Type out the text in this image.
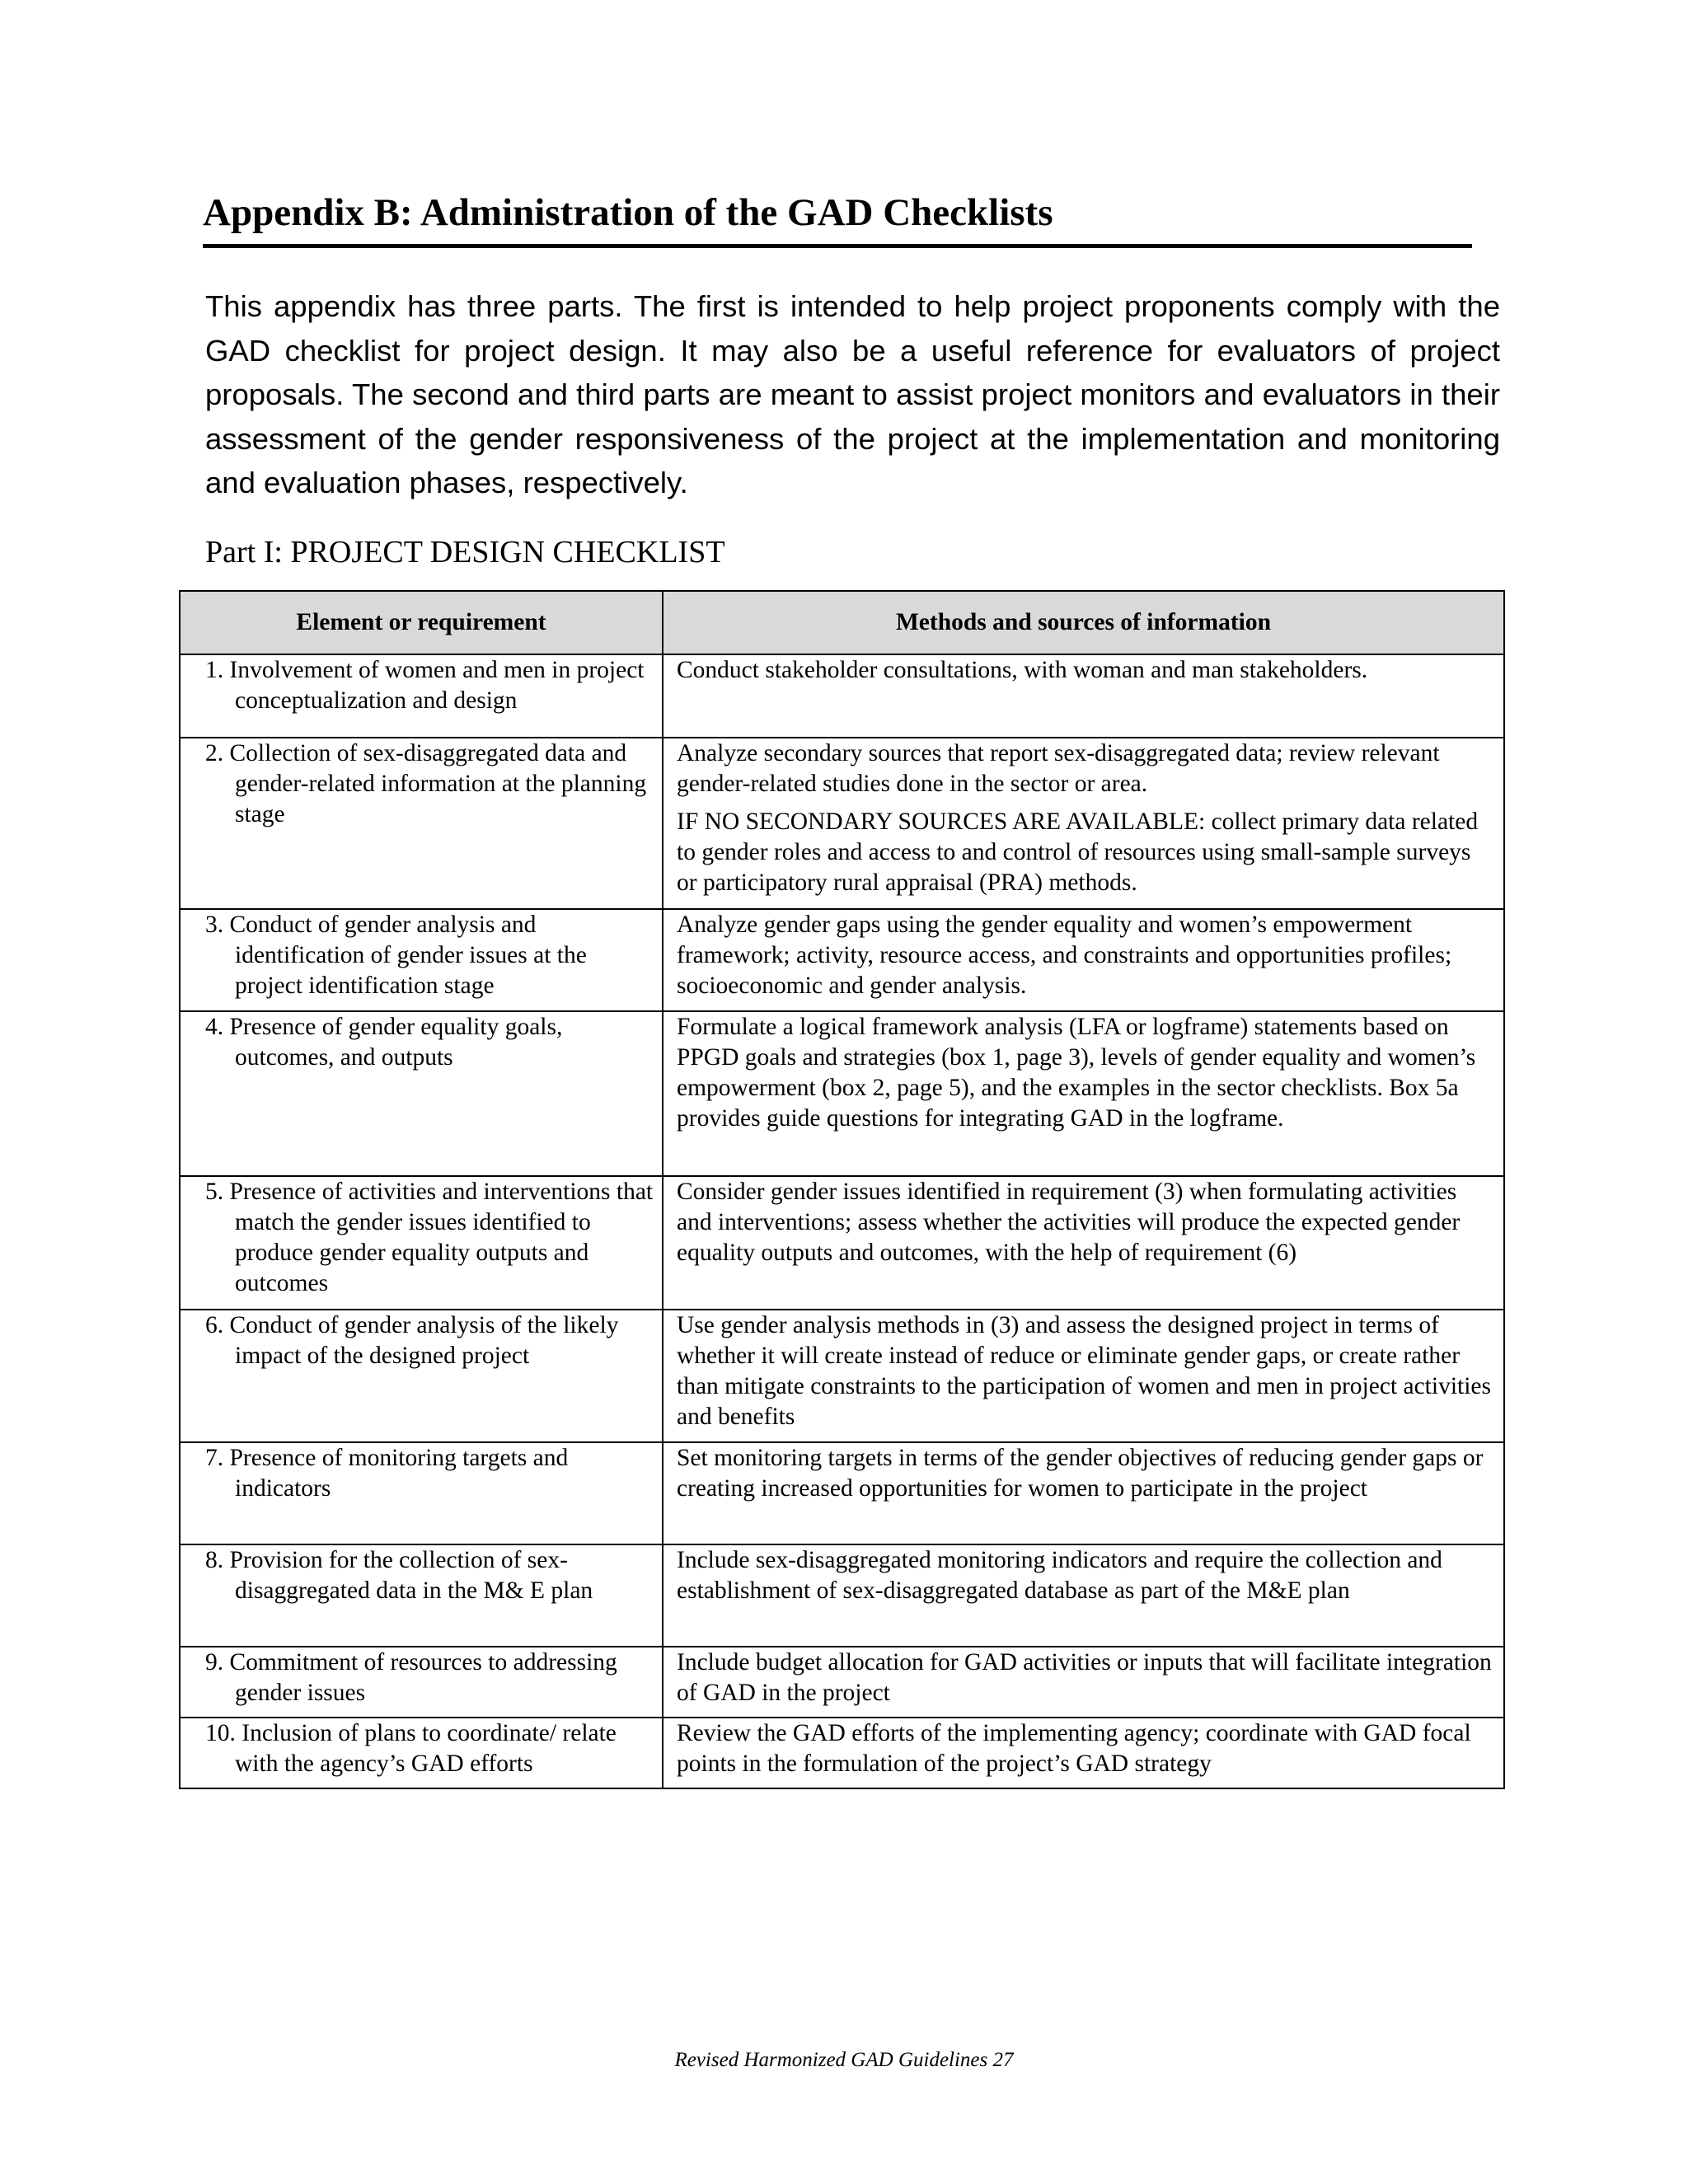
Appendix B: Administration of the GAD Checklists

This appendix has three parts. The first is intended to help project proponents comply with the GAD checklist for project design. It may also be a useful reference for evaluators of project proposals. The second and third parts are meant to assist project monitors and evaluators in their assessment of the gender responsiveness of the project at the implementation and monitoring and evaluation phases, respectively.

Part I: PROJECT DESIGN CHECKLIST

Element or requirement	Methods and sources of information

1. Involvement of women and men in project conceptualization and design	Conduct stakeholder consultations, with woman and man stakeholders.

2. Collection of sex-disaggregated data and gender-related information at the planning stage	Analyze secondary sources that report sex-disaggregated data; review relevant gender-related studies done in the sector or area.

IF NO SECONDARY SOURCES ARE AVAILABLE: collect primary data related to gender roles and access to and control of resources using small-sample surveys or participatory rural appraisal (PRA) methods.

3. Conduct of gender analysis and identification of gender issues at the project identification stage	Analyze gender gaps using the gender equality and women’s empowerment framework; activity, resource access, and constraints and opportunities profiles; socioeconomic and gender analysis.

4. Presence of gender equality goals, outcomes, and outputs	Formulate a logical framework analysis (LFA or logframe) statements based on PPGD goals and strategies (box 1, page 3), levels of gender equality and women’s empowerment (box 2, page 5), and the examples in the sector checklists. Box 5a provides guide questions for integrating GAD in the logframe.

5. Presence of activities and interventions that match the gender issues identified to produce gender equality outputs and outcomes	Consider gender issues identified in requirement (3) when formulating activities and interventions; assess whether the activities will produce the expected gender equality outputs and outcomes, with the help of requirement (6)

6. Conduct of gender analysis of the likely impact of the designed project	Use gender analysis methods in (3) and assess the designed project in terms of whether it will create instead of reduce or eliminate gender gaps, or create rather than mitigate constraints to the participation of women and men in project activities and benefits

7. Presence of monitoring targets and indicators	Set monitoring targets in terms of the gender objectives of reducing gender gaps or creating increased opportunities for women to participate in the project

8. Provision for the collection of sex-disaggregated data in the M& E plan	Include sex-disaggregated monitoring indicators and require the collection and establishment of sex-disaggregated database as part of the M&E plan

9. Commitment of resources to addressing gender issues	Include budget allocation for GAD activities or inputs that will facilitate integration of GAD in the project

10. Inclusion of plans to coordinate/ relate with the agency’s GAD efforts	Review the GAD efforts of the implementing agency; coordinate with GAD focal points in the formulation of the project’s GAD strategy

Revised Harmonized GAD Guidelines 27
